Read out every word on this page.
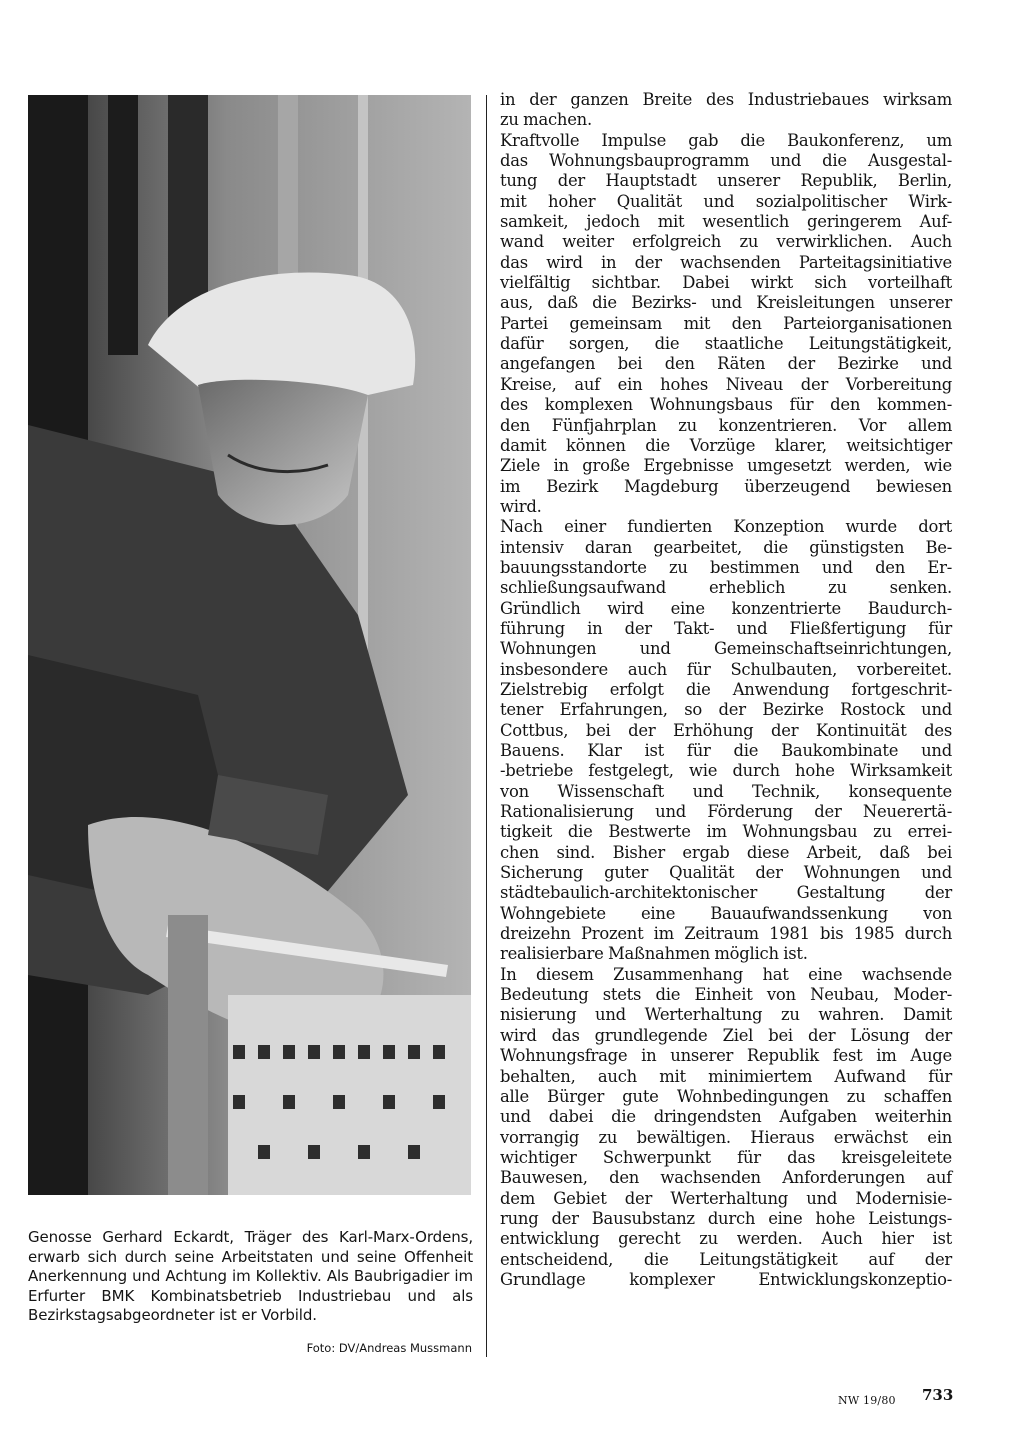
Genosse Gerhard Eckardt, Träger des Karl-Marx-Ordens, erwarb sich durch seine Arbeitstaten und seine Offenheit Anerkennung und Achtung im Kollektiv. Als Baubrigadier im Erfurter BMK Kombinatsbetrieb Industriebau und als Bezirkstagsabgeordneter ist er Vorbild.
Foto: DV/Andreas Mussmann
in der ganzen Breite des Industriebaues wirksam
zu machen.
Kraftvolle Impulse gab die Baukonferenz, um
das Wohnungsbauprogramm und die Ausgestal-
tung der Hauptstadt unserer Republik, Berlin,
mit hoher Qualität und sozialpolitischer Wirk-
samkeit, jedoch mit wesentlich geringerem Auf-
wand weiter erfolgreich zu verwirklichen. Auch
das wird in der wachsenden Parteitagsinitiative
vielfältig sichtbar. Dabei wirkt sich vorteilhaft
aus, daß die Bezirks- und Kreisleitungen unserer
Partei gemeinsam mit den Parteiorganisationen
dafür sorgen, die staatliche Leitungstätigkeit,
angefangen bei den Räten der Bezirke und
Kreise, auf ein hohes Niveau der Vorbereitung
des komplexen Wohnungsbaus für den kommen-
den Fünfjahrplan zu konzentrieren. Vor allem
damit können die Vorzüge klarer, weitsichtiger
Ziele in große Ergebnisse umgesetzt werden, wie
im Bezirk Magdeburg überzeugend bewiesen
wird.
Nach einer fundierten Konzeption wurde dort
intensiv daran gearbeitet, die günstigsten Be-
bauungsstandorte zu bestimmen und den Er-
schließungsaufwand erheblich zu senken.
Gründlich wird eine konzentrierte Baudurch-
führung in der Takt- und Fließfertigung für
Wohnungen und Gemeinschaftseinrichtungen,
insbesondere auch für Schulbauten, vorbereitet.
Zielstrebig erfolgt die Anwendung fortgeschrit-
tener Erfahrungen, so der Bezirke Rostock und
Cottbus, bei der Erhöhung der Kontinuität des
Bauens. Klar ist für die Baukombinate und
-betriebe festgelegt, wie durch hohe Wirksamkeit
von Wissenschaft und Technik, konsequente
Rationalisierung und Förderung der Neuerertä-
tigkeit die Bestwerte im Wohnungsbau zu errei-
chen sind. Bisher ergab diese Arbeit, daß bei
Sicherung guter Qualität der Wohnungen und
städtebaulich-architektonischer Gestaltung der
Wohngebiete eine Bauaufwandssenkung von
dreizehn Prozent im Zeitraum 1981 bis 1985 durch
realisierbare Maßnahmen möglich ist.
In diesem Zusammenhang hat eine wachsende
Bedeutung stets die Einheit von Neubau, Moder-
nisierung und Werterhaltung zu wahren. Damit
wird das grundlegende Ziel bei der Lösung der
Wohnungsfrage in unserer Republik fest im Auge
behalten, auch mit minimiertem Aufwand für
alle Bürger gute Wohnbedingungen zu schaffen
und dabei die dringendsten Aufgaben weiterhin
vorrangig zu bewältigen. Hieraus erwächst ein
wichtiger Schwerpunkt für das kreisgeleitete
Bauwesen, den wachsenden Anforderungen auf
dem Gebiet der Werterhaltung und Modernisie-
rung der Bausubstanz durch eine hohe Leistungs-
entwicklung gerecht zu werden. Auch hier ist
entscheidend, die Leitungstätigkeit auf der
Grundlage komplexer Entwicklungskonzeptio-
NW 19/80 733
